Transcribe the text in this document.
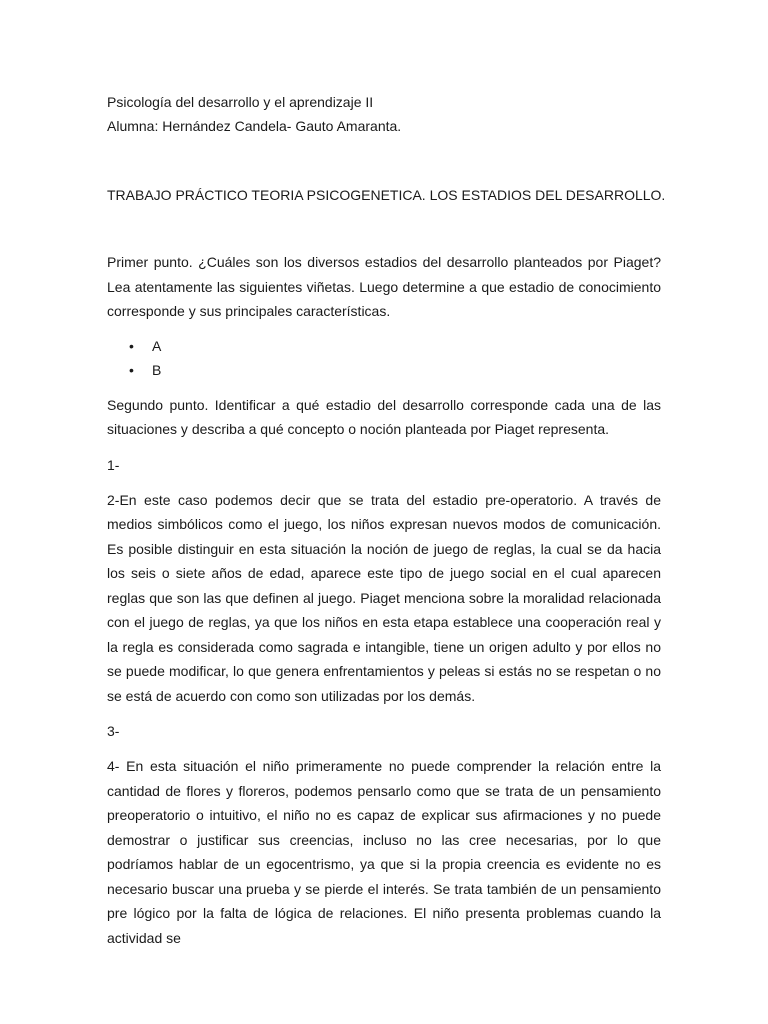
Psicología del desarrollo y el aprendizaje II

Alumna: Hernández Candela- Gauto Amaranta.

TRABAJO PRÁCTICO TEORIA PSICOGENETICA. LOS ESTADIOS DEL DESARROLLO.

Primer punto. ¿Cuáles son los diversos estadios del desarrollo planteados por Piaget? Lea atentamente las siguientes viñetas. Luego determine a que estadio de conocimiento corresponde y sus principales características.

• A
• B

Segundo punto. Identificar a qué estadio del desarrollo corresponde cada una de las situaciones y describa a qué concepto o noción planteada por Piaget representa.

1-

2-En este caso podemos decir que se trata del estadio pre-operatorio. A través de medios simbólicos como el juego, los niños expresan nuevos modos de comunicación. Es posible distinguir en esta situación la noción de juego de reglas, la cual se da hacia los seis o siete años de edad, aparece este tipo de juego social en el cual aparecen reglas que son las que definen al juego. Piaget menciona sobre la moralidad relacionada con el juego de reglas, ya que los niños en esta etapa establece una cooperación real y la regla es considerada como sagrada e intangible, tiene un origen adulto y por ellos no se puede modificar, lo que genera enfrentamientos y peleas si estás no se respetan o no se está de acuerdo con como son utilizadas por los demás.

3-

4- En esta situación el niño primeramente no puede comprender la relación entre la cantidad de flores y floreros, podemos pensarlo como que se trata de un pensamiento preoperatorio o intuitivo, el niño no es capaz de explicar sus afirmaciones y no puede demostrar o justificar sus creencias, incluso no las cree necesarias, por lo que podríamos hablar de un egocentrismo, ya que si la propia creencia es evidente no es necesario buscar una prueba y se pierde el interés. Se trata también de un pensamiento pre lógico por la falta de lógica de relaciones. El niño presenta problemas cuando la actividad se
